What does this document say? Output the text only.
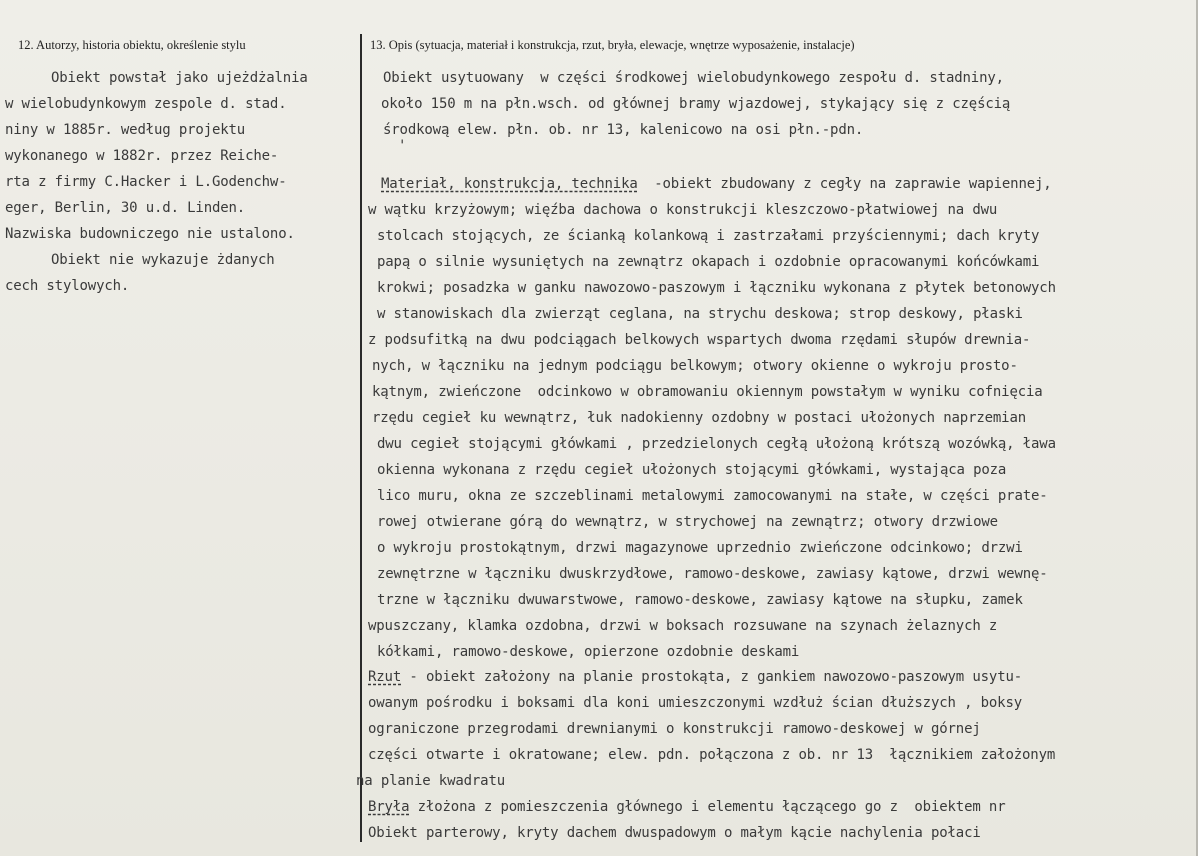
12. Autorzy, historia obiektu, określenie stylu	13. Opis (sytuacja, materiał i konstrukcja, rzut, bryła, elewacje, wnętrze wyposażenie, instalacje)

Obiekt powstał jako ujeżdżalnia

w wielobudynkowym zespole d. stad.

niny w 1885r. według projektu

wykonanego w 1882r. przez Reiche-

rta z firmy C.Hacker i L.Godenchw-

eger, Berlin, 30 u.d. Linden.

Nazwiska budowniczego nie ustalono.

Obiekt nie wykazuje żdanych

cech stylowych.

Obiekt usytuowany  w części środkowej wielobudynkowego zespołu d. stadniny,

około 150 m na płn.wsch. od głównej bramy wjazdowej, stykający się z częścią

środkową elew. płn. ob. nr 13, kalenicowo na osi płn.-pdn.

'

Materiał, konstrukcja, technika  -obiekt zbudowany z cegły na zaprawie wapiennej,

w wątku krzyżowym; więźba dachowa o konstrukcji kleszczowo-płatwiowej na dwu

stolcach stojących, ze ścianką kolankową i zastrzałami przyściennymi; dach kryty

papą o silnie wysuniętych na zewnątrz okapach i ozdobnie opracowanymi końcówkami

krokwi; posadzka w ganku nawozowo-paszowym i łączniku wykonana z płytek betonowych

w stanowiskach dla zwierząt ceglana, na strychu deskowa; strop deskowy, płaski

z podsufitką na dwu podciągach belkowych wspartych dwoma rzędami słupów drewnia-

nych, w łączniku na jednym podciągu belkowym; otwory okienne o wykroju prosto-

kątnym, zwieńczone  odcinkowo w obramowaniu okiennym powstałym w wyniku cofnięcia

rzędu cegieł ku wewnątrz, łuk nadokienny ozdobny w postaci ułożonych naprzemian

dwu cegieł stojącymi główkami , przedzielonych cegłą ułożoną krótszą wozówką, ława

okienna wykonana z rzędu cegieł ułożonych stojącymi główkami, wystająca poza

lico muru, okna ze szczeblinami metalowymi zamocowanymi na stałe, w części prate-

rowej otwierane górą do wewnątrz, w strychowej na zewnątrz; otwory drzwiowe

o wykroju prostokątnym, drzwi magazynowe uprzednio zwieńczone odcinkowo; drzwi

zewnętrzne w łączniku dwuskrzydłowe, ramowo-deskowe, zawiasy kątowe, drzwi wewnę-

trzne w łączniku dwuwarstwowe, ramowo-deskowe, zawiasy kątowe na słupku, zamek

wpuszczany, klamka ozdobna, drzwi w boksach rozsuwane na szynach żelaznych z

kółkami, ramowo-deskowe, opierzone ozdobnie deskami

Rzut - obiekt założony na planie prostokąta, z gankiem nawozowo-paszowym usytu-

owanym pośrodku i boksami dla koni umieszczonymi wzdłuż ścian dłuższych , boksy

ograniczone przegrodami drewnianymi o konstrukcji ramowo-deskowej w górnej

części otwarte i okratowane; elew. pdn. połączona z ob. nr 13  łącznikiem założonym

na planie kwadratu

Bryła złożona z pomieszczenia głównego i elementu łączącego go z  obiektem nr

Obiekt parterowy, kryty dachem dwuspadowym o małym kącie nachylenia połaci
